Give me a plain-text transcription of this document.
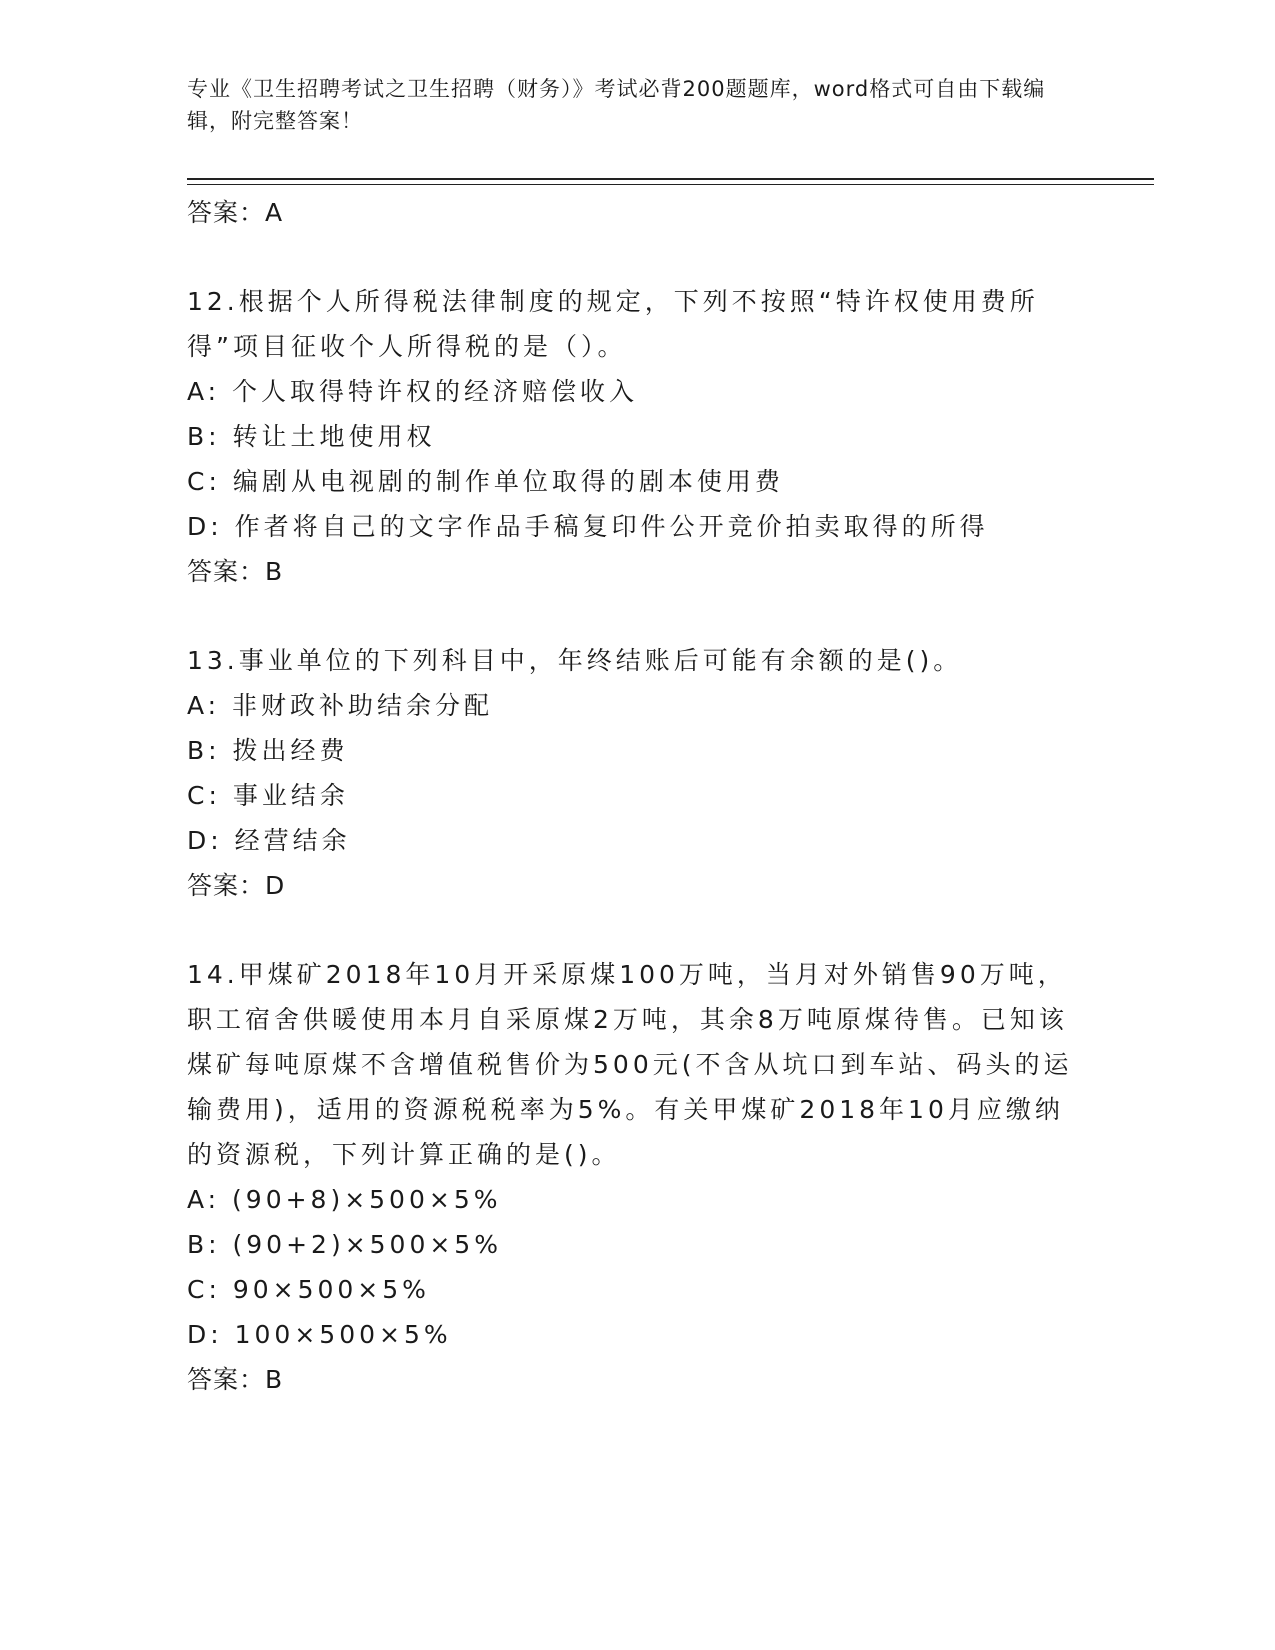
专业《卫生招聘考试之卫生招聘（财务）》考试必背200题题库，word格式可自由下载编辑，附完整答案！
答案：A

12.根据个人所得税法律制度的规定，下列不按照“特许权使用费所得”项目征收个人所得税的是（）。

A: 个人取得特许权的经济赔偿收入
B: 转让土地使用权
C: 编剧从电视剧的制作单位取得的剧本使用费
D: 作者将自己的文字作品手稿复印件公开竞价拍卖取得的所得
答案：B

13.事业单位的下列科目中，年终结账后可能有余额的是()。

A: 非财政补助结余分配
B: 拨出经费
C: 事业结余
D: 经营结余
答案：D

14.甲煤矿2018年10月开采原煤100万吨，当月对外销售90万吨，职工宿舍供暖使用本月自采原煤2万吨，其余8万吨原煤待售。已知该煤矿每吨原煤不含增值税售价为500元(不含从坑口到车站、码头的运输费用)，适用的资源税税率为5%。有关甲煤矿2018年10月应缴纳的资源税，下列计算正确的是()。

A: (90+8)×500×5%
B: (90+2)×500×5%
C: 90×500×5%
D: 100×500×5%
答案：B
